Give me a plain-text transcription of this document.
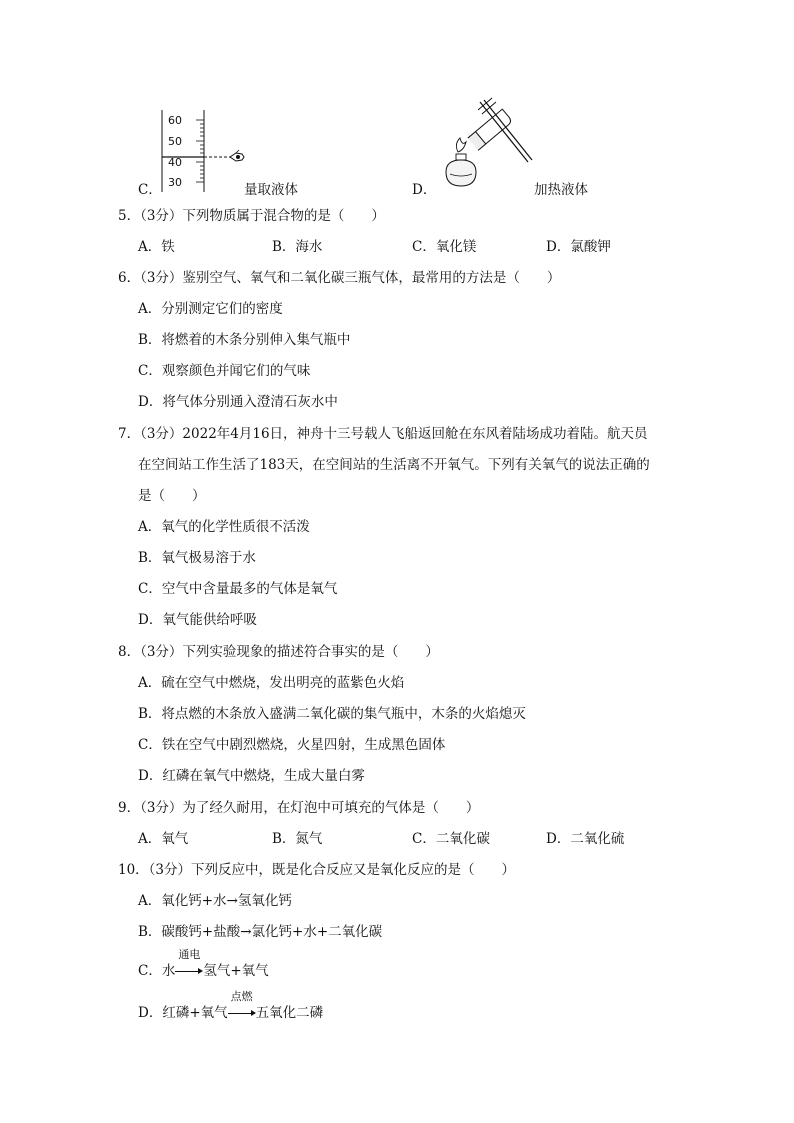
C．
60
50
40
30	量取液体	D．	加热液体
5．（3分）下列物质属于混合物的是（　　）
A．铁	B．海水	C．氧化镁	D．氯酸钾
6．（3分）鉴别空气、氧气和二氧化碳三瓶气体，最常用的方法是（　　）
A．分别测定它们的密度
B．将燃着的木条分别伸入集气瓶中
C．观察颜色并闻它们的气味
D．将气体分别通入澄清石灰水中
7．（3分）2022年4月16日，神舟十三号载人飞船返回舱在东风着陆场成功着陆。航天员
在空间站工作生活了183天，在空间站的生活离不开氧气。下列有关氧气的说法正确的
是（　　）
A．氧气的化学性质很不活泼
B．氧气极易溶于水
C．空气中含量最多的气体是氧气
D．氧气能供给呼吸
8．（3分）下列实验现象的描述符合事实的是（　　）
A．硫在空气中燃烧，发出明亮的蓝紫色火焰
B．将点燃的木条放入盛满二氧化碳的集气瓶中，木条的火焰熄灭
C．铁在空气中剧烈燃烧，火星四射，生成黑色固体
D．红磷在氧气中燃烧，生成大量白雾
9．（3分）为了经久耐用，在灯泡中可填充的气体是（　　）
A．氧气	B．氮气	C．二氧化碳	D．二氧化硫
10．（3分）下列反应中，既是化合反应又是氧化反应的是（　　）
A．氧化钙+水→氢氧化钙
B．碳酸钙+盐酸→氯化钙+水+二氧化碳
C．水
通电
氢气+氧气
D．红磷+氧气
点燃
五氧化二磷
